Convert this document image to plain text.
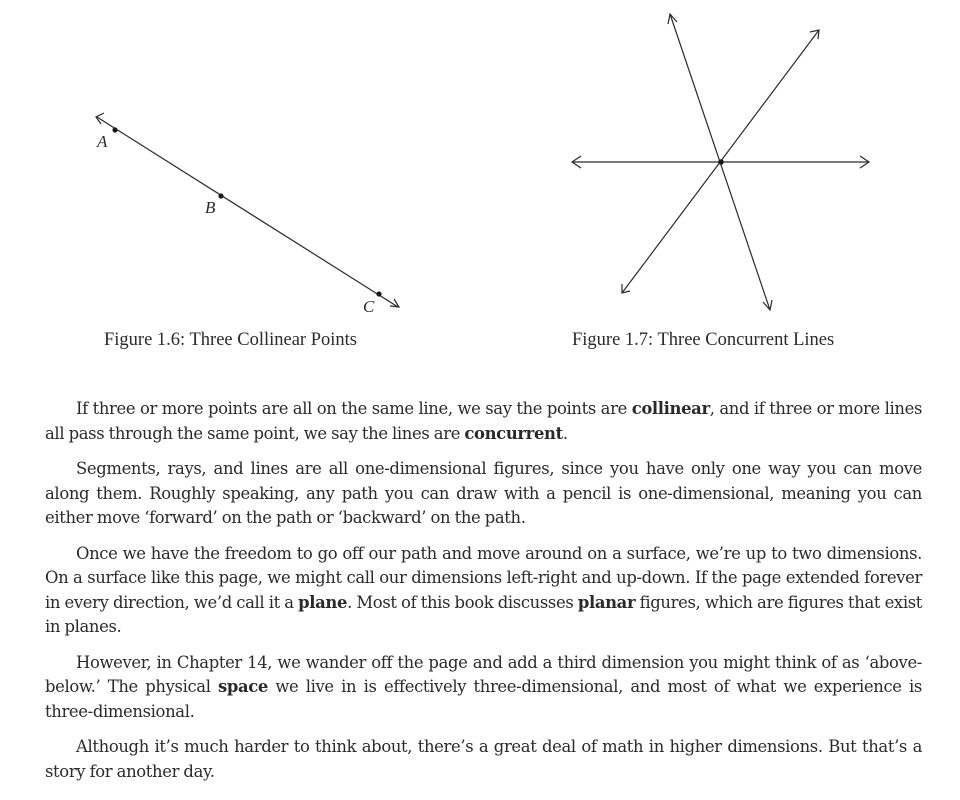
A
B
C
Figure 1.6: Three Collinear Points	Figure 1.7: Three Concurrent Lines

If three or more points are all on the same line, we say the points are collinear, and if three or more lines all pass through the same point, we say the lines are concurrent.

Segments, rays, and lines are all one-dimensional figures, since you have only one way you can move along them. Roughly speaking, any path you can draw with a pencil is one-dimensional, meaning you can either move ‘forward’ on the path or ‘backward’ on the path.

Once we have the freedom to go off our path and move around on a surface, we’re up to two dimensions. On a surface like this page, we might call our dimensions left-right and up-down. If the page extended forever in every direction, we’d call it a plane. Most of this book discusses planar figures, which are figures that exist in planes.

However, in Chapter 14, we wander off the page and add a third dimension you might think of as ‘above-below.’ The physical space we live in is effectively three-dimensional, and most of what we experience is three-dimensional.

Although it’s much harder to think about, there’s a great deal of math in higher dimensions. But that’s a story for another day.
